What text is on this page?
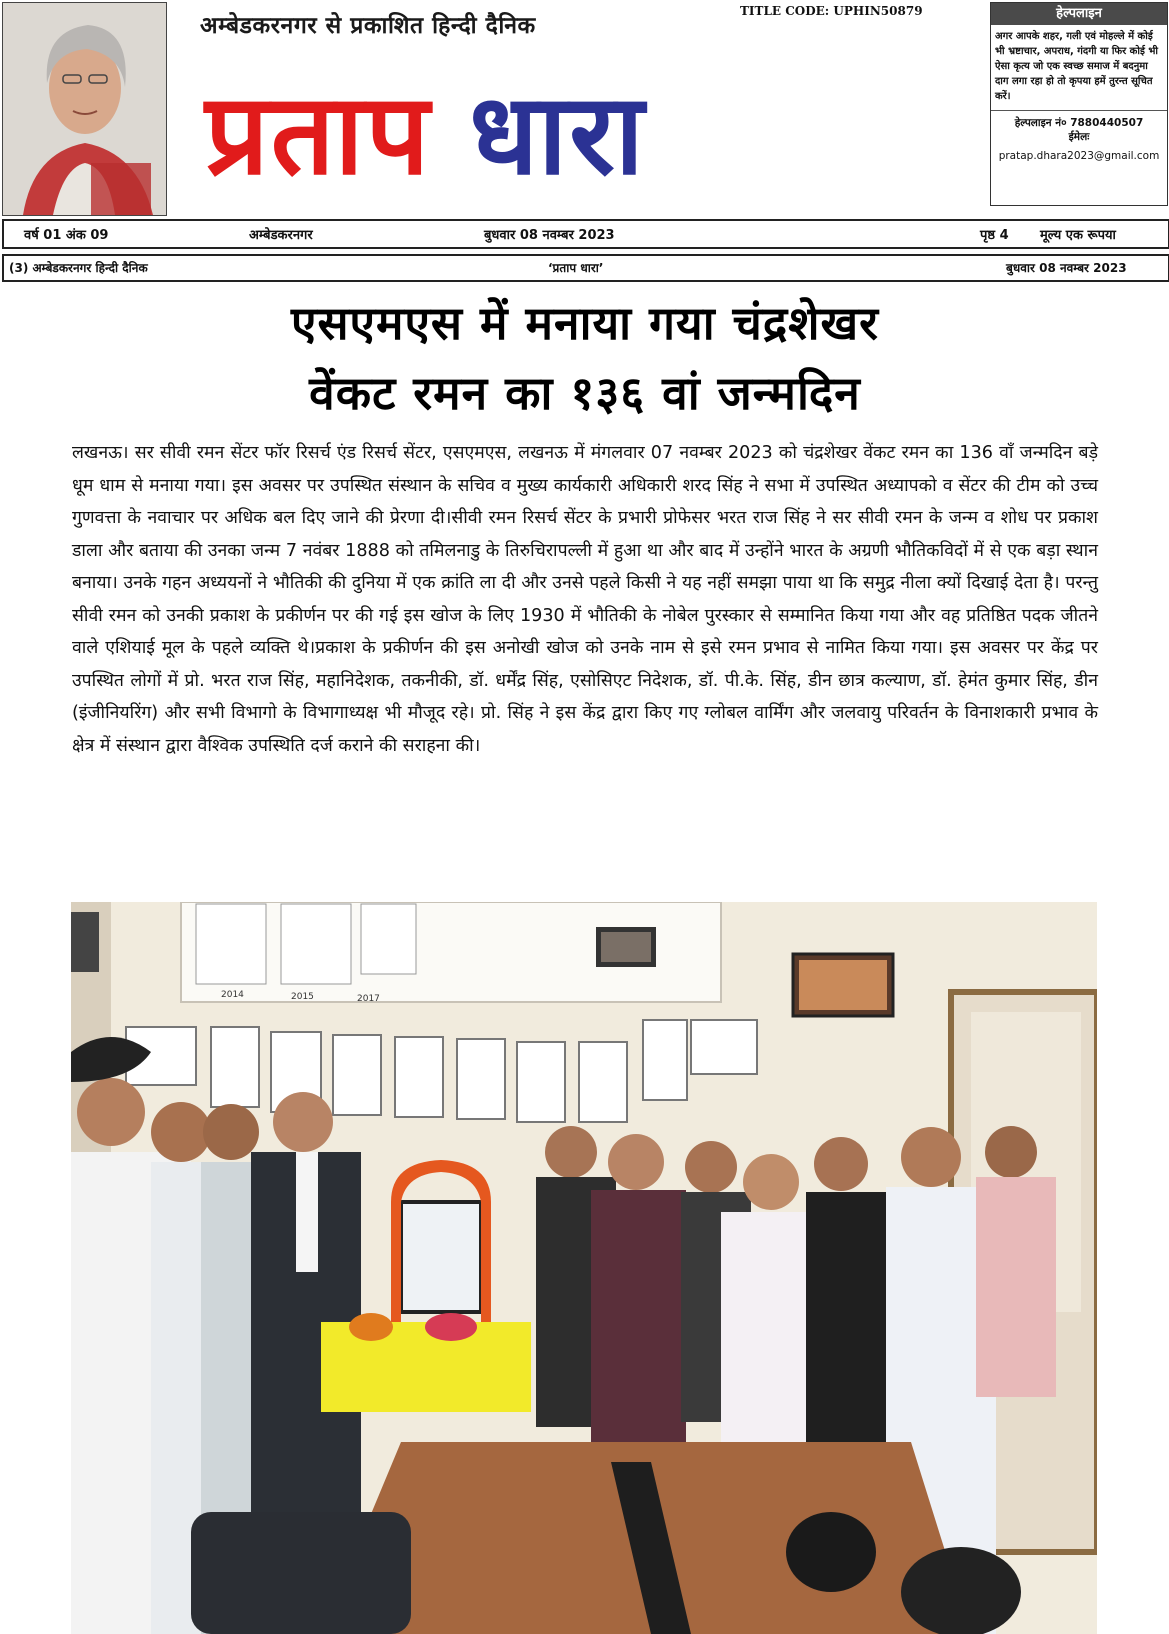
अम्बेडकरनगर से प्रकाशित हिन्दी दैनिक
TITLE CODE: UPHIN50879
प्रताप धारा
हेल्पलाइन
अगर आपके शहर, गली एवं मोहल्ले में कोई भी भ्रष्टाचार, अपराध, गंदगी या फिर कोई भी ऐसा कृत्य जो एक स्वच्छ समाज में बदनुमा दाग लगा रहा हो तो कृपया हमें तुरन्त सूचित करें।
हेल्पलाइन नं० 7880440507
ईमेलः
pratap.dhara2023@gmail.com
वर्ष 01 अंक 09	अम्बेडकरनगर	बुधवार 08 नवम्बर 2023	पृष्ठ 4 मूल्य एक रूपया
(3) अम्बेडकरनगर हिन्दी दैनिक	‘प्रताप धारा’	बुधवार 08 नवम्बर 2023
एसएमएस में मनाया गया चंद्रशेखर
वेंकट रमन का १३६ वां जन्मदिन
लखनऊ। सर सीवी रमन सेंटर फॉर रिसर्च एंड रिसर्च सेंटर, एसएमएस, लखनऊ में मंगलवार 07 नवम्बर 2023 को चंद्रशेखर वेंकट रमन का 136 वाँ जन्मदिन बड़े धूम धाम से मनाया गया। इस अवसर पर उपस्थित संस्थान के सचिव व मुख्य कार्यकारी अधिकारी शरद सिंह ने सभा में उपस्थित अध्यापको व सेंटर की टीम को उच्च गुणवत्ता के नवाचार पर अधिक बल दिए जाने की प्रेरणा दी।सीवी रमन रिसर्च सेंटर के प्रभारी प्रोफेसर भरत राज सिंह ने सर सीवी रमन के जन्म व शोध पर प्रकाश डाला और बताया की उनका जन्म 7 नवंबर 1888 को तमिलनाडु के तिरुचिरापल्ली में हुआ था और बाद में उन्होंने भारत के अग्रणी भौतिकविदों में से एक बड़ा स्थान बनाया। उनके गहन अध्ययनों ने भौतिकी की दुनिया में एक क्रांति ला दी और उनसे पहले किसी ने यह नहीं समझा पाया था कि समुद्र नीला क्यों दिखाई देता है। परन्तु सीवी रमन को उनकी प्रकाश के प्रकीर्णन पर की गई इस खोज के लिए 1930 में भौतिकी के नोबेल पुरस्कार से सम्मानित किया गया और वह प्रतिष्ठित पदक जीतने वाले एशियाई मूल के पहले व्यक्ति थे।प्रकाश के प्रकीर्णन की इस अनोखी खोज को उनके नाम से इसे रमन प्रभाव से नामित किया गया। इस अवसर पर केंद्र पर उपस्थित लोगों में प्रो. भरत राज सिंह, महानिदेशक, तकनीकी, डॉ. धर्मेंद्र सिंह, एसोसिएट निदेशक, डॉ. पी.के. सिंह, डीन छात्र कल्याण, डॉ. हेमंत कुमार सिंह, डीन (इंजीनियरिंग) और सभी विभागो के विभागाध्यक्ष भी मौजूद रहे। प्रो. सिंह ने इस केंद्र द्वारा किए गए ग्लोबल वार्मिंग और जलवायु परिवर्तन के विनाशकारी प्रभाव के क्षेत्र में संस्थान द्वारा वैश्विक उपस्थिति दर्ज कराने की सराहना की।
2014	2015	2017
